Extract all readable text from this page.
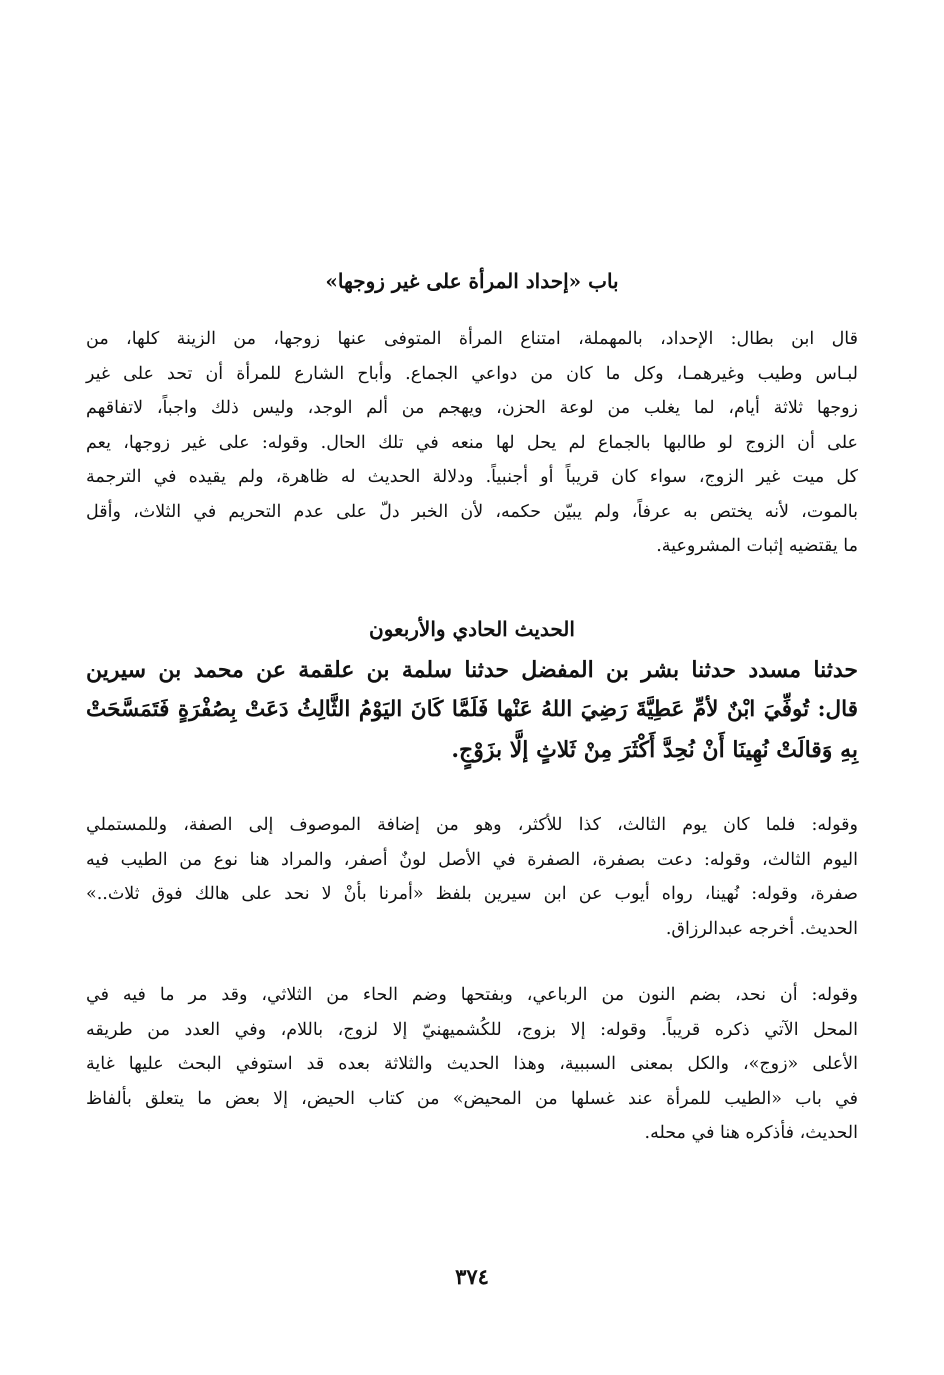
باب «إحداد المرأة على غير زوجها»
قال ابن بطال: الإحداد، بالمهملة، امتناع المرأة المتوفى عنها زوجها، من الزينة كلها، من
لبـاس وطيب وغيرهمـا، وكل ما كان من دواعي الجماع. وأباح الشارع للمرأة أن تحد على غير
زوجها ثلاثة أيام، لما يغلب من لوعة الحزن، ويهجم من ألم الوجد، وليس ذلك واجباً، لاتفاقهم
على أن الزوج لو طالبها بالجماع لم يحل لها منعه في تلك الحال. وقوله: على غير زوجها، يعم
كل ميت غير الزوج، سواء كان قريباً أو أجنبياً. ودلالة الحديث له ظاهرة، ولم يقيده في الترجمة
بالموت، لأنه يختص به عرفاً، ولم يبيّن حكمه، لأن الخبر دلّ على عدم التحريم في الثلاث، وأقل
ما يقتضيه إثبات المشروعية.
الحديث الحادي والأربعون
حدثنا مسدد حدثنا بشر بن المفضل حدثنا سلمة بن علقمة عن محمد بن سيرين
قال: تُوفِّيَ ابْنٌ لأمِّ عَطِيَّةَ رَضِيَ اللهُ عَنْها فَلَمَّا كَانَ اليَوْمُ الثَّالِثُ دَعَتْ بِصُفْرَةٍ فَتَمَسَّحَتْ
بِهِ وَقالَتْ نُهِينَا أَنْ نُحِدَّ أَكْثَرَ مِنْ ثَلاثٍ إلَّا بزَوْجٍ.
وقوله: فلما كان يوم الثالث، كذا للأكثر، وهو من إضافة الموصوف إلى الصفة، وللمستملي
اليوم الثالث، وقوله: دعت بصفرة، الصفرة في الأصل لونٌ أصفر، والمراد هنا نوع من الطيب فيه
صفرة، وقوله: نُهينا، رواه أيوب عن ابن سيرين بلفظ «أمرنا بأنْ لا نحد على هالك فوق ثلاث..»
الحديث. أخرجه عبدالرزاق.
وقوله: أن نحد، بضم النون من الرباعي، وبفتحها وضم الحاء من الثلاثي، وقد مر ما فيه في
المحل الآتي ذكره قريباً. وقوله: إلا بزوج، للكُشميهنيّ إلا لزوج، باللام، وفي العدد من طريقه
الأعلى «زوج»، والكل بمعنى السببية، وهذا الحديث والثلاثة بعده قد استوفي البحث عليها غاية
في باب «الطيب للمرأة عند غسلها من المحيض» من كتاب الحيض، إلا بعض ما يتعلق بألفاظ
الحديث، فأذكره هنا في محله.
٣٧٤
